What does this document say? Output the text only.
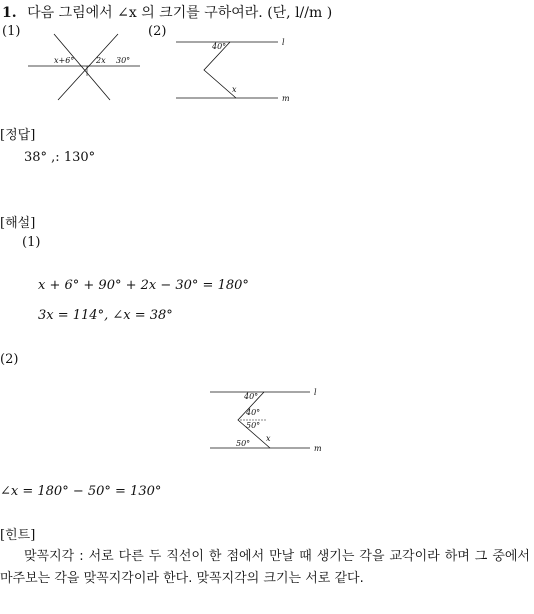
1. 다음 그림에서 ∠x 의 크기를 구하여라. (단, l//m )
(1)
x+6°	2x 30°
(2)
40°
x
l
m
[정답]
38° ,: 130°
[해설]
(1)
x + 6° + 90° + 2x − 30° = 180°
3x = 114°, ∠x = 38°
(2)
40°
40°
50°
50°
x
l
m
∠x = 180° − 50° = 130°
[힌트]
맞꼭지각 : 서로 다른 두 직선이 한 점에서 만날 때 생기는 각을 교각이라 하며 그 중에서 마주보는 각을 맞꼭지각이라 한다. 맞꼭지각의 크기는 서로 같다.
